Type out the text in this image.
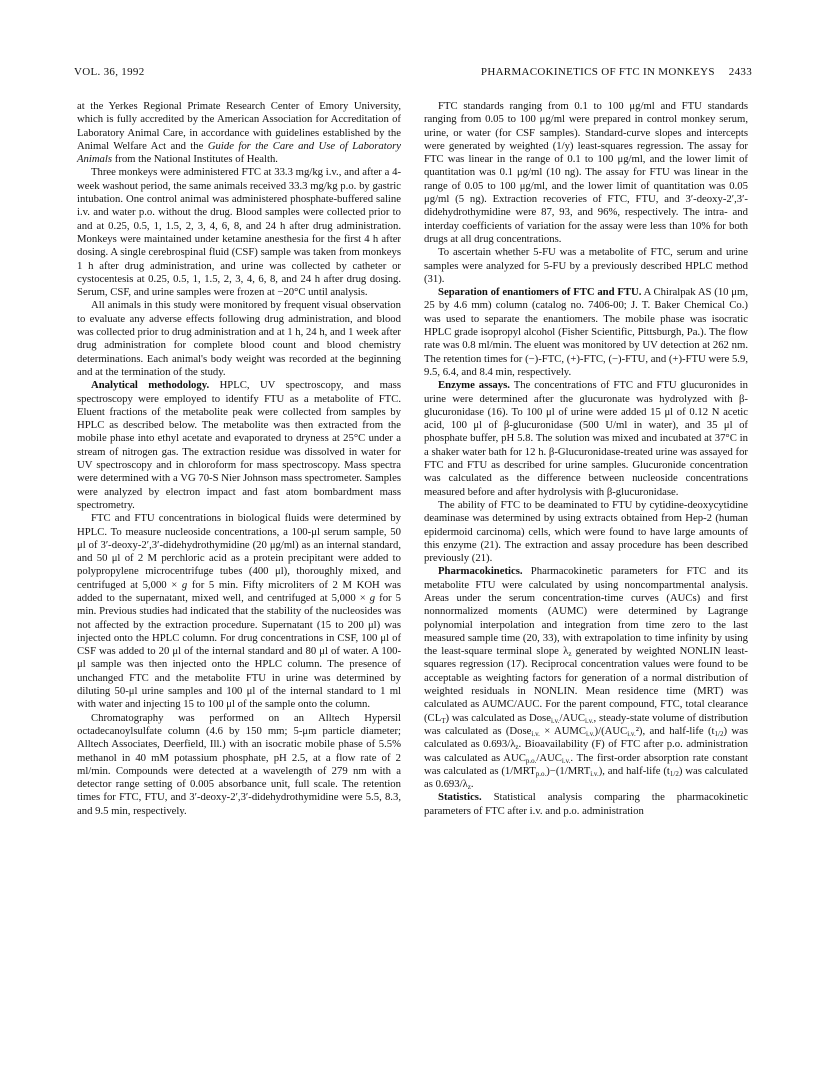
VOL. 36, 1992	PHARMACOKINETICS OF FTC IN MONKEYS 2433

at the Yerkes Regional Primate Research Center of Emory University, which is fully accredited by the American Association for Accreditation of Laboratory Animal Care, in accordance with guidelines established by the Animal Welfare Act and the Guide for the Care and Use of Laboratory Animals from the National Institutes of Health.

Three monkeys were administered FTC at 33.3 mg/kg i.v., and after a 4-week washout period, the same animals received 33.3 mg/kg p.o. by gastric intubation. One control animal was administered phosphate-buffered saline i.v. and water p.o. without the drug. Blood samples were collected prior to and at 0.25, 0.5, 1, 1.5, 2, 3, 4, 6, 8, and 24 h after drug administration. Monkeys were maintained under ketamine anesthesia for the first 4 h after dosing. A single cerebrospinal fluid (CSF) sample was taken from monkeys 1 h after drug administration, and urine was collected by catheter or cystocentesis at 0.25, 0.5, 1, 1.5, 2, 3, 4, 6, 8, and 24 h after drug dosing. Serum, CSF, and urine samples were frozen at −20°C until analysis.

All animals in this study were monitored by frequent visual observation to evaluate any adverse effects following drug administration, and blood was collected prior to drug administration and at 1 h, 24 h, and 1 week after drug administration for complete blood count and blood chemistry determinations. Each animal's body weight was recorded at the beginning and at the termination of the study.

Analytical methodology. HPLC, UV spectroscopy, and mass spectroscopy were employed to identify FTU as a metabolite of FTC. Eluent fractions of the metabolite peak were collected from samples by HPLC as described below. The metabolite was then extracted from the mobile phase into ethyl acetate and evaporated to dryness at 25°C under a stream of nitrogen gas. The extraction residue was dissolved in water for UV spectroscopy and in chloroform for mass spectroscopy. Mass spectra were determined with a VG 70-S Nier Johnson mass spectrometer. Samples were analyzed by electron impact and fast atom bombardment mass spectrometry.

FTC and FTU concentrations in biological fluids were determined by HPLC. To measure nucleoside concentrations, a 100-μl serum sample, 50 μl of 3′-deoxy-2′,3′-didehydrothymidine (20 μg/ml) as an internal standard, and 50 μl of 2 M perchloric acid as a protein precipitant were added to polypropylene microcentrifuge tubes (400 μl), thoroughly mixed, and centrifuged at 5,000 × g for 5 min. Fifty microliters of 2 M KOH was added to the supernatant, mixed well, and centrifuged at 5,000 × g for 5 min. Previous studies had indicated that the stability of the nucleosides was not affected by the extraction procedure. Supernatant (15 to 200 μl) was injected onto the HPLC column. For drug concentrations in CSF, 100 μl of CSF was added to 20 μl of the internal standard and 80 μl of water. A 100-μl sample was then injected onto the HPLC column. The presence of unchanged FTC and the metabolite FTU in urine was determined by diluting 50-μl urine samples and 100 μl of the internal standard to 1 ml with water and injecting 15 to 100 μl of the sample onto the column.

Chromatography was performed on an Alltech Hypersil octadecanoylsulfate column (4.6 by 150 mm; 5-μm particle diameter; Alltech Associates, Deerfield, Ill.) with an isocratic mobile phase of 5.5% methanol in 40 mM potassium phosphate, pH 2.5, at a flow rate of 2 ml/min. Compounds were detected at a wavelength of 279 nm with a detector range setting of 0.005 absorbance unit, full scale. The retention times for FTC, FTU, and 3′-deoxy-2′,3′-didehydrothymidine were 5.5, 8.3, and 9.5 min, respectively.

FTC standards ranging from 0.1 to 100 μg/ml and FTU standards ranging from 0.05 to 100 μg/ml were prepared in control monkey serum, urine, or water (for CSF samples). Standard-curve slopes and intercepts were generated by weighted (1/y) least-squares regression. The assay for FTC was linear in the range of 0.1 to 100 μg/ml, and the lower limit of quantitation was 0.1 μg/ml (10 ng). The assay for FTU was linear in the range of 0.05 to 100 μg/ml, and the lower limit of quantitation was 0.05 μg/ml (5 ng). Extraction recoveries of FTC, FTU, and 3′-deoxy-2′,3′-didehydrothymidine were 87, 93, and 96%, respectively. The intra- and interday coefficients of variation for the assay were less than 10% for both drugs at all drug concentrations.

To ascertain whether 5-FU was a metabolite of FTC, serum and urine samples were analyzed for 5-FU by a previously described HPLC method (31).

Separation of enantiomers of FTC and FTU. A Chiralpak AS (10 μm, 25 by 4.6 mm) column (catalog no. 7406-00; J. T. Baker Chemical Co.) was used to separate the enantiomers. The mobile phase was isocratic HPLC grade isopropyl alcohol (Fisher Scientific, Pittsburgh, Pa.). The flow rate was 0.8 ml/min. The eluent was monitored by UV detection at 262 nm. The retention times for (−)-FTC, (+)-FTC, (−)-FTU, and (+)-FTU were 5.9, 9.5, 6.4, and 8.4 min, respectively.

Enzyme assays. The concentrations of FTC and FTU glucuronides in urine were determined after the glucuronate was hydrolyzed with β-glucuronidase (16). To 100 μl of urine were added 15 μl of 0.12 N acetic acid, 100 μl of β-glucuronidase (500 U/ml in water), and 35 μl of phosphate buffer, pH 5.8. The solution was mixed and incubated at 37°C in a shaker water bath for 12 h. β-Glucuronidase-treated urine was assayed for FTC and FTU as described for urine samples. Glucuronide concentration was calculated as the difference between nucleoside concentrations measured before and after hydrolysis with β-glucuronidase.

The ability of FTC to be deaminated to FTU by cytidine-deoxycytidine deaminase was determined by using extracts obtained from Hep-2 (human epidermoid carcinoma) cells, which were found to have large amounts of this enzyme (21). The extraction and assay procedure has been described previously (21).

Pharmacokinetics. Pharmacokinetic parameters for FTC and its metabolite FTU were calculated by using noncompartmental analysis. Areas under the serum concentration-time curves (AUCs) and first nonnormalized moments (AUMC) were determined by Lagrange polynomial interpolation and integration from time zero to the last measured sample time (20, 33), with extrapolation to time infinity by using the least-square terminal slope $\lambda_z$ generated by weighted NONLIN least-squares regression (17). Reciprocal concentration values were found to be acceptable as weighting factors for generation of a normal distribution of weighted residuals in NONLIN. Mean residence time (MRT) was calculated as AUMC/AUC. For the parent compound, FTC, total clearance $(CL_T)$ was calculated as $Dose_{i.v.}/AUC_{i.v.}$, steady-state volume of distribution was calculated as (Dose$_{i.v.}$ × $AUMC_{i.v.})/(AUC_{i.v.}^2)$, and half-life $(t_{1/2})$ was calculated as $0.693/\lambda_z$. Bioavailability (F) of FTC after p.o. administration was calculated as $AUC_{p.o.}/AUC_{i.v.}$. The first-order absorption rate constant was calculated as $(1/MRT_{p.o.})-(1/MRT_{i.v.})$, and half-life $(t_{1/2})$ was calculated as $0.693/\lambda_z$.

Statistics. Statistical analysis comparing the pharmacokinetic parameters of FTC after i.v. and p.o. administration
